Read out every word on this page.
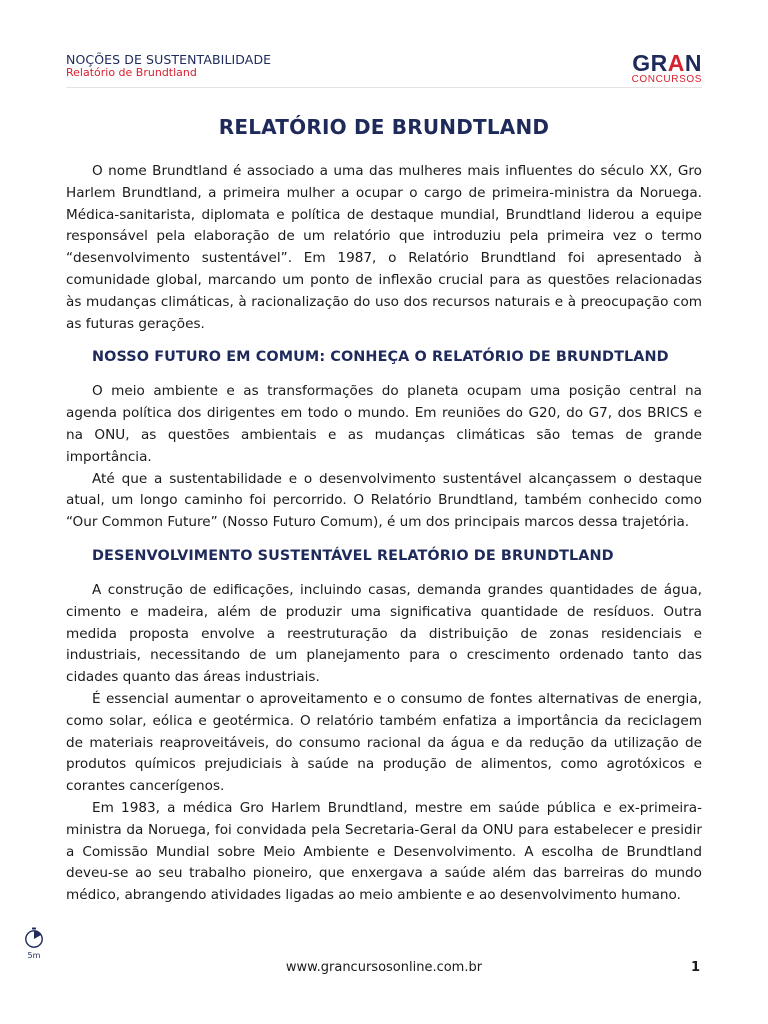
NOÇÕES DE SUSTENTABILIDADE
Relatório de Brundtland	GRAN
CONCURSOS
RELATÓRIO DE BRUNDTLAND

O nome Brundtland é associado a uma das mulheres mais influentes do século XX, Gro Harlem Brundtland, a primeira mulher a ocupar o cargo de primeira-ministra da Noruega. Médica-sanitarista, diplomata e política de destaque mundial, Brundtland liderou a equipe responsável pela elaboração de um relatório que introduziu pela primeira vez o termo “desenvolvimento sustentável”. Em 1987, o Relatório Brundtland foi apresentado à comunidade global, marcando um ponto de inflexão crucial para as questões relacionadas às mudanças climáticas, à racionalização do uso dos recursos naturais e à preocupação com as futuras gerações.

NOSSO FUTURO EM COMUM: CONHEÇA O RELATÓRIO DE BRUNDTLAND

O meio ambiente e as transformações do planeta ocupam uma posição central na agenda política dos dirigentes em todo o mundo. Em reuniões do G20, do G7, dos BRICS e na ONU, as questões ambientais e as mudanças climáticas são temas de grande importância.

Até que a sustentabilidade e o desenvolvimento sustentável alcançassem o destaque atual, um longo caminho foi percorrido. O Relatório Brundtland, também conhecido como “Our Common Future” (Nosso Futuro Comum), é um dos principais marcos dessa trajetória.

DESENVOLVIMENTO SUSTENTÁVEL RELATÓRIO DE BRUNDTLAND

A construção de edificações, incluindo casas, demanda grandes quantidades de água, cimento e madeira, além de produzir uma significativa quantidade de resíduos. Outra medida proposta envolve a reestruturação da distribuição de zonas residenciais e industriais, necessitando de um planejamento para o crescimento ordenado tanto das cidades quanto das áreas industriais.

É essencial aumentar o aproveitamento e o consumo de fontes alternativas de energia, como solar, eólica e geotérmica. O relatório também enfatiza a importância da reciclagem de materiais reaproveitáveis, do consumo racional da água e da redução da utilização de produtos químicos prejudiciais à saúde na produção de alimentos, como agrotóxicos e corantes cancerígenos.

Em 1983, a médica Gro Harlem Brundtland, mestre em saúde pública e ex-primeira-ministra da Noruega, foi convidada pela Secretaria-Geral da ONU para estabelecer e presidir a Comissão Mundial sobre Meio Ambiente e Desenvolvimento. A escolha de Brundtland deveu-se ao seu trabalho pioneiro, que enxergava a saúde além das barreiras do mundo médico, abrangendo atividades ligadas ao meio ambiente e ao desenvolvimento humano.

5m
www.grancursosonline.com.br	1
